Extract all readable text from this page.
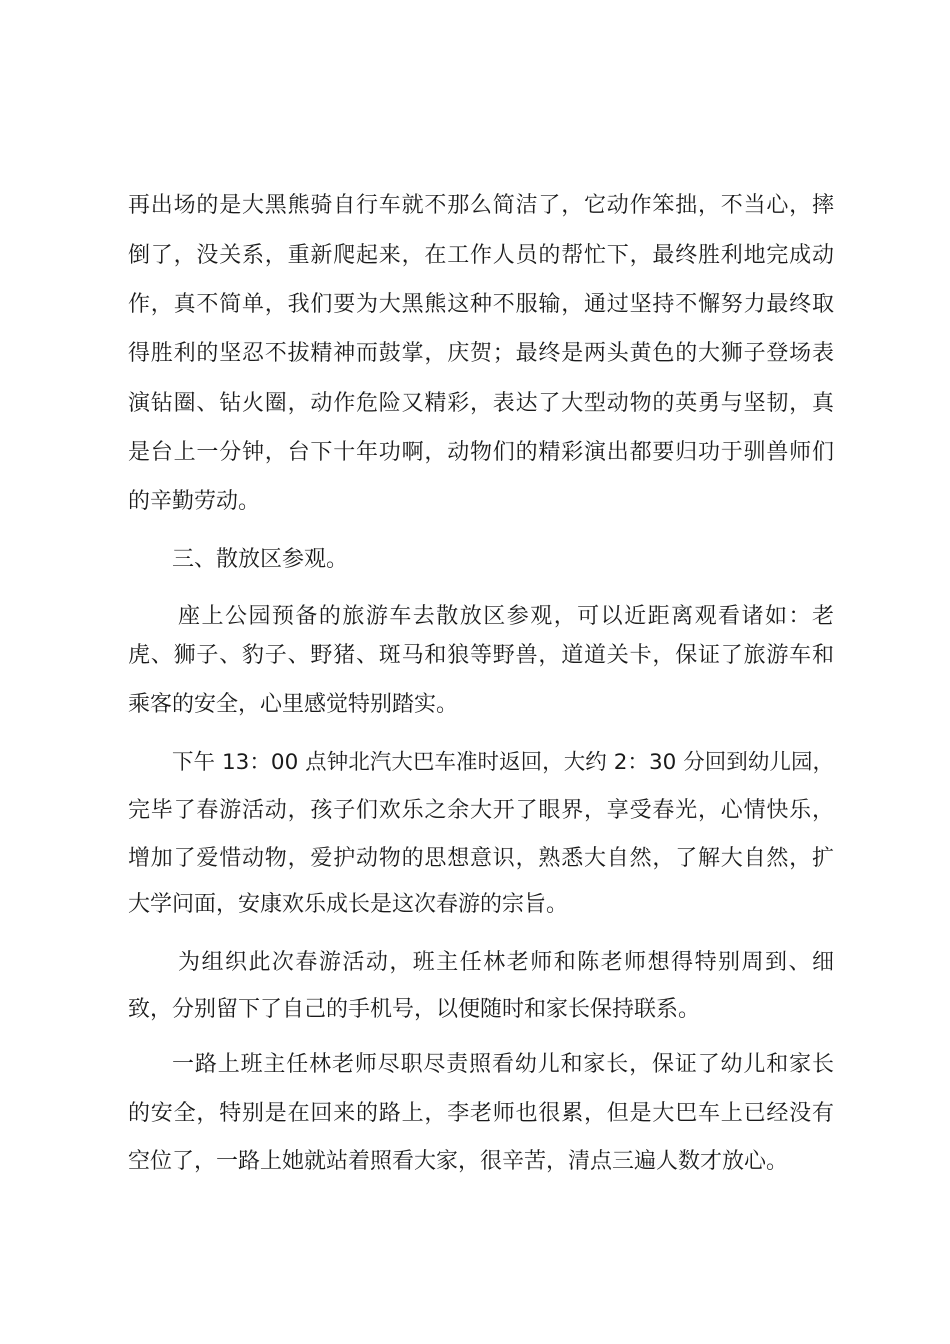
再出场的是大黑熊骑自行车就不那么简洁了，它动作笨拙，不当心，摔
倒了，没关系，重新爬起来，在工作人员的帮忙下，最终胜利地完成动
作，真不简单，我们要为大黑熊这种不服输，通过坚持不懈努力最终取
得胜利的坚忍不拔精神而鼓掌，庆贺；最终是两头黄色的大狮子登场表
演钻圈、钻火圈，动作危险又精彩，表达了大型动物的英勇与坚韧，真
是台上一分钟，台下十年功啊，动物们的精彩演出都要归功于驯兽师们
的辛勤劳动。
三、散放区参观。
座上公园预备的旅游车去散放区参观，可以近距离观看诸如：老
虎、狮子、豹子、野猪、斑马和狼等野兽，道道关卡，保证了旅游车和
乘客的安全，心里感觉特别踏实。
下午 13：00 点钟北汽大巴车准时返回，大约 2：30 分回到幼儿园，
完毕了春游活动，孩子们欢乐之余大开了眼界，享受春光，心情快乐，
增加了爱惜动物，爱护动物的思想意识，熟悉大自然，了解大自然，扩
大学问面，安康欢乐成长是这次春游的宗旨。
为组织此次春游活动，班主任林老师和陈老师想得特别周到、细
致，分别留下了自己的手机号，以便随时和家长保持联系。
一路上班主任林老师尽职尽责照看幼儿和家长，保证了幼儿和家长
的安全，特别是在回来的路上，李老师也很累，但是大巴车上已经没有
空位了，一路上她就站着照看大家，很辛苦，清点三遍人数才放心。
